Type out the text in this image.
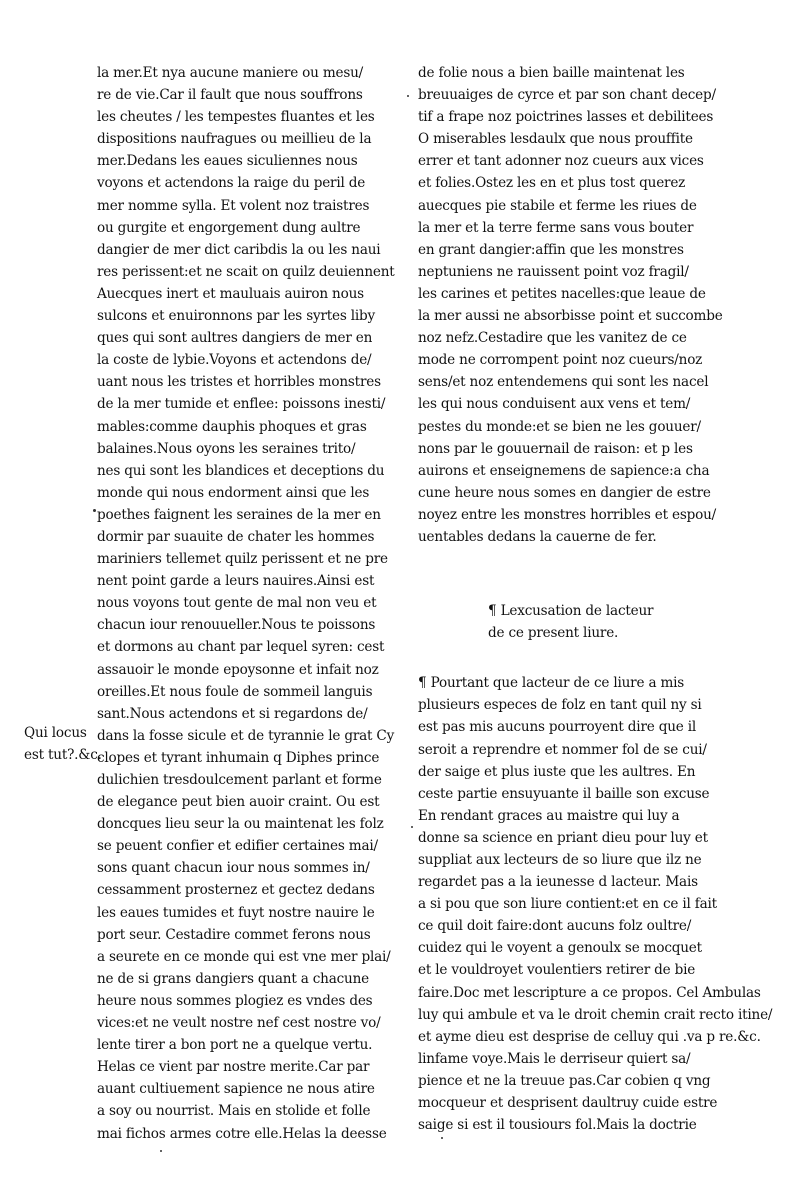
la mer.Et nya aucune maniere ou mesu/
re de vie.Car il fault que nous souffrons
les cheutes / les tempestes fluantes et les
dispositions naufragues ou meillieu de la
mer.Dedans les eaues siculiennes nous
voyons et actendons la raige du peril de
mer nomme sylla. Et volent noz traistres
ou gurgite et engorgement dung aultre
dangier de mer dict caribdis la ou les naui
res perissent:et ne scait on quilz deuiennent
Auecques inert et mauluais auiron nous
sulcons et enuironnons par les syrtes liby
ques qui sont aultres dangiers de mer en
la coste de lybie.Voyons et actendons de/
uant nous les tristes et horribles monstres
de la mer tumide et enflee: poissons inesti/
mables:comme dauphis phoques et gras
balaines.Nous oyons les seraines trito/
nes qui sont les blandices et deceptions du
monde qui nous endorment ainsi que les
poethes faignent les seraines de la mer en
dormir par suauite de chater les hommes
mariniers tellemet quilz perissent et ne pre
nent point garde a leurs nauires.Ainsi est
nous voyons tout gente de mal non veu et
chacun iour renouueller.Nous te poissons
et dormons au chant par lequel syren: cest
assauoir le monde epoysonne et infait noz
oreilles.Et nous foule de sommeil languis
sant.Nous actendons et si regardons de/
dans la fosse sicule et de tyrannie le grat Cy
clopes et tyrant inhumain q Diphes prince
dulichien tresdoulcement parlant et forme
de elegance peut bien auoir craint. Ou est
doncques lieu seur la ou maintenat les folz
se peuent confier et edifier certaines mai/
sons quant chacun iour nous sommes in/
cessamment prosternez et gectez dedans
les eaues tumides et fuyt nostre nauire le
port seur. Cestadire commet ferons nous
a seurete en ce monde qui est vne mer plai/
ne de si grans dangiers quant a chacune
heure nous sommes plogiez es vndes des
vices:et ne veult nostre nef cest nostre vo/
lente tirer a bon port ne a quelque vertu.
Helas ce vient par nostre merite.Car par
auant cultiuement sapience ne nous atire
a soy ou nourrist. Mais en stolide et folle
mai fichos armes cotre elle.Helas la deesse
Qui locus
est tut?.&c.
de folie nous a bien baille maintenat les
breuuaiges de cyrce et par son chant decep/
tif a frape noz poictrines lasses et debilitees
O miserables lesdaulx que nous prouffite
errer et tant adonner noz cueurs aux vices
et folies.Ostez les en et plus tost querez
auecques pie stabile et ferme les riues de
la mer et la terre ferme sans vous bouter
en grant dangier:affin que les monstres
neptuniens ne rauissent point voz fragil/
les carines et petites nacelles:que leaue de
la mer aussi ne absorbisse point et succombe
noz nefz.Cestadire que les vanitez de ce
mode ne corrompent point noz cueurs/noz
sens/et noz entendemens qui sont les nacel
les qui nous conduisent aux vens et tem/
pestes du monde:et se bien ne les gouuer/
nons par le gouuernail de raison: et p les
auirons et enseignemens de sapience:a cha
cune heure nous somes en dangier de estre
noyez entre les monstres horribles et espou/
uentables dedans la cauerne de fer.
¶ Lexcusation de lacteur
de ce present liure.
¶ Pourtant que lacteur de ce liure a mis
plusieurs especes de folz en tant quil ny si
est pas mis aucuns pourroyent dire que il
seroit a reprendre et nommer fol de se cui/
der saige et plus iuste que les aultres. En
ceste partie ensuyuante il baille son excuse
En rendant graces au maistre qui luy a
donne sa science en priant dieu pour luy et
suppliat aux lecteurs de so liure que ilz ne
regardet pas a la ieunesse d lacteur. Mais
a si pou que son liure contient:et en ce il fait
ce quil doit faire:dont aucuns folz oultre/
cuidez qui le voyent a genoulx se mocquet
et le vouldroyet voulentiers retirer de bie
faire.Doc met lescripture a ce propos. Cel Ambulas
luy qui ambule et va le droit chemin crait recto itine/
et ayme dieu est desprise de celluy qui .va p re.&c.
linfame voye.Mais le derriseur quiert sa/
pience et ne la treuue pas.Car cobien q vng
mocqueur et desprisent daultruy cuide estre
saige si est il tousiours fol.Mais la doctrie
